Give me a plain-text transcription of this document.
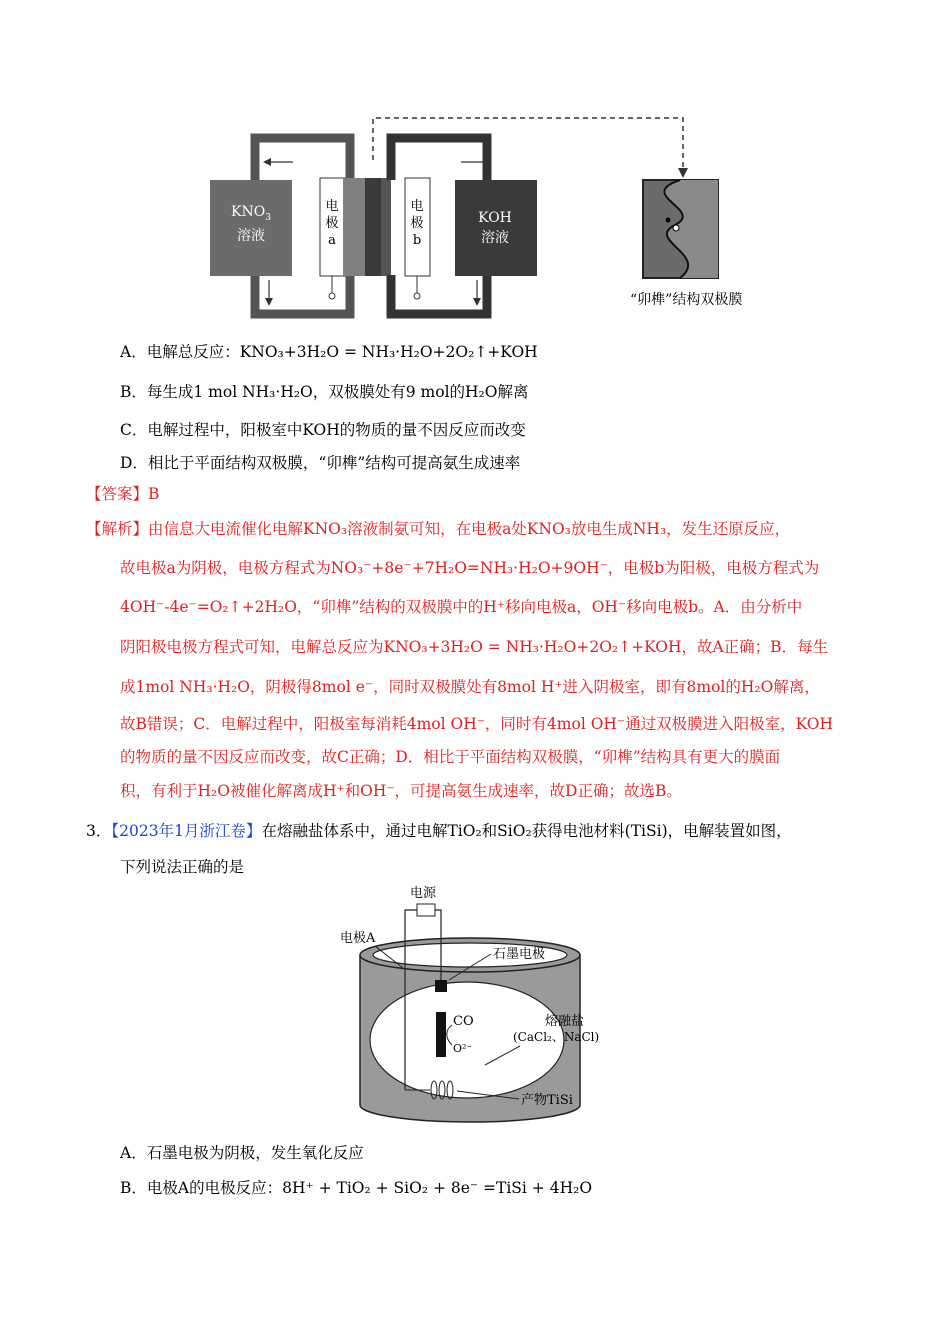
$KNO_3$
溶液
电
极
a
电
极
b
KOH
溶液
“卯榫”结构双极膜
A．电解总反应：KNO₃+3H₂O = NH₃·H₂O+2O₂↑+KOH
B．每生成1 mol NH₃·H₂O，双极膜处有9 mol的H₂O解离
C．电解过程中，阳极室中KOH的物质的量不因反应而改变
D．相比于平面结构双极膜，“卯榫”结构可提高氨生成速率
【答案】B
【解析】由信息大电流催化电解KNO₃溶液制氨可知，在电极a处KNO₃放电生成NH₃，发生还原反应，
故电极a为阴极，电极方程式为NO₃⁻+8e⁻+7H₂O=NH₃·H₂O+9OH⁻，电极b为阳极，电极方程式为
4OH⁻-4e⁻=O₂↑+2H₂O，“卯榫”结构的双极膜中的H⁺移向电极a，OH⁻移向电极b。A．由分析中
阴阳极电极方程式可知，电解总反应为KNO₃+3H₂O = NH₃·H₂O+2O₂↑+KOH，故A正确；B．每生
成1mol NH₃·H₂O，阴极得8mol e⁻，同时双极膜处有8mol H⁺进入阴极室，即有8mol的H₂O解离，
故B错误；C．电解过程中，阳极室每消耗4mol OH⁻，同时有4mol OH⁻通过双极膜进入阳极室，KOH
的物质的量不因反应而改变，故C正确；D．相比于平面结构双极膜，“卯榫”结构具有更大的膜面
积，有利于H₂O被催化解离成H⁺和OH⁻，可提高氨生成速率，故D正确；故选B。
3．【2023年1月浙江卷】在熔融盐体系中，通过电解TiO₂和SiO₂获得电池材料(TiSi)，电解装置如图，
下列说法正确的是
电源
CO
O²⁻
电极A
石墨电极
熔融盐
(CaCl₂、NaCl)
产物TiSi
A．石墨电极为阴极，发生氧化反应
B．电极A的电极反应：8H⁺ + TiO₂ + SiO₂ + 8e⁻ =TiSi + 4H₂O
